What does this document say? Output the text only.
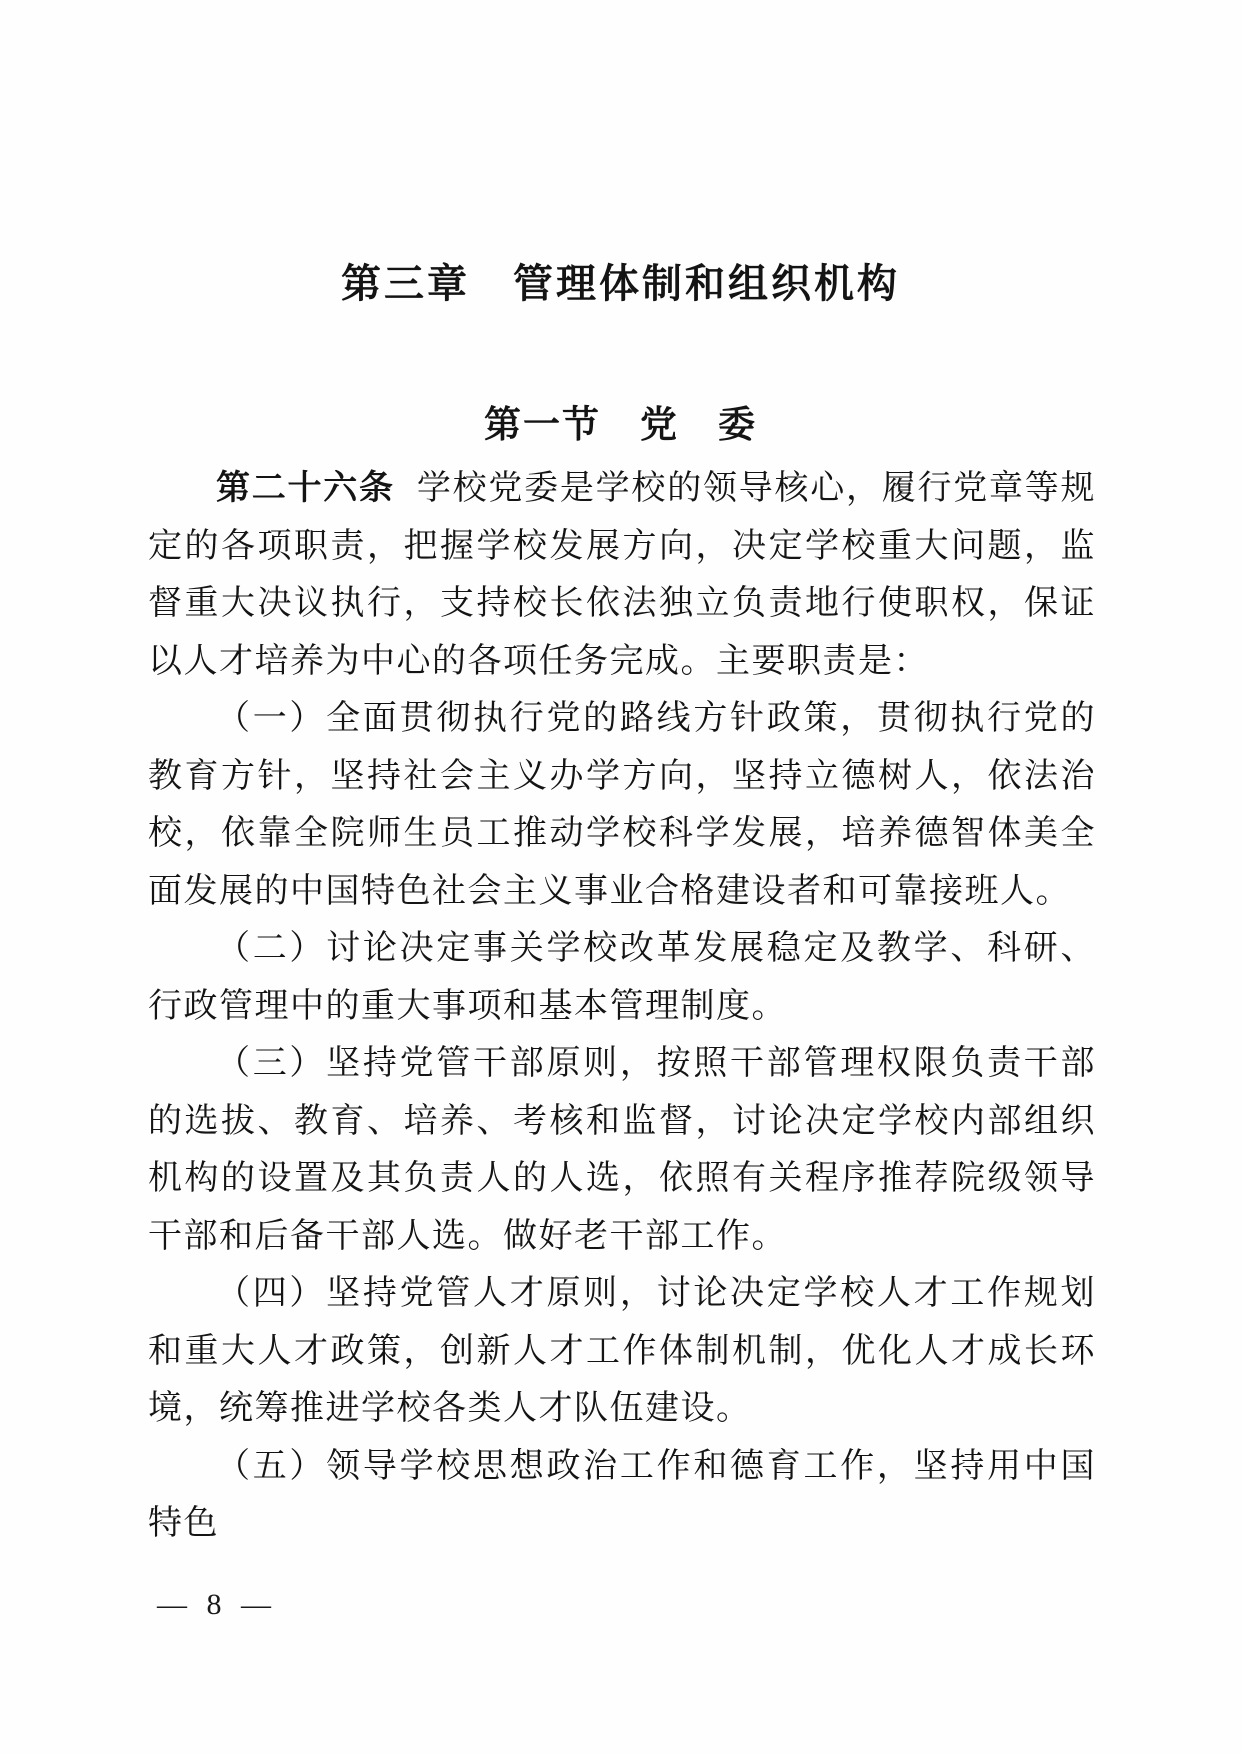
第三章　管理体制和组织机构
第一节　党　委

第二十六条 学校党委是学校的领导核心，履行党章等规定的各项职责，把握学校发展方向，决定学校重大问题，监督重大决议执行，支持校长依法独立负责地行使职权，保证以人才培养为中心的各项任务完成。主要职责是：

（一）全面贯彻执行党的路线方针政策，贯彻执行党的教育方针，坚持社会主义办学方向，坚持立德树人，依法治校，依靠全院师生员工推动学校科学发展，培养德智体美全面发展的中国特色社会主义事业合格建设者和可靠接班人。

（二）讨论决定事关学校改革发展稳定及教学、科研、行政管理中的重大事项和基本管理制度。

（三）坚持党管干部原则，按照干部管理权限负责干部的选拔、教育、培养、考核和监督，讨论决定学校内部组织机构的设置及其负责人的人选，依照有关程序推荐院级领导干部和后备干部人选。做好老干部工作。

（四）坚持党管人才原则，讨论决定学校人才工作规划和重大人才政策，创新人才工作体制机制，优化人才成长环境，统筹推进学校各类人才队伍建设。

（五）领导学校思想政治工作和德育工作，坚持用中国特色

— 8 —
